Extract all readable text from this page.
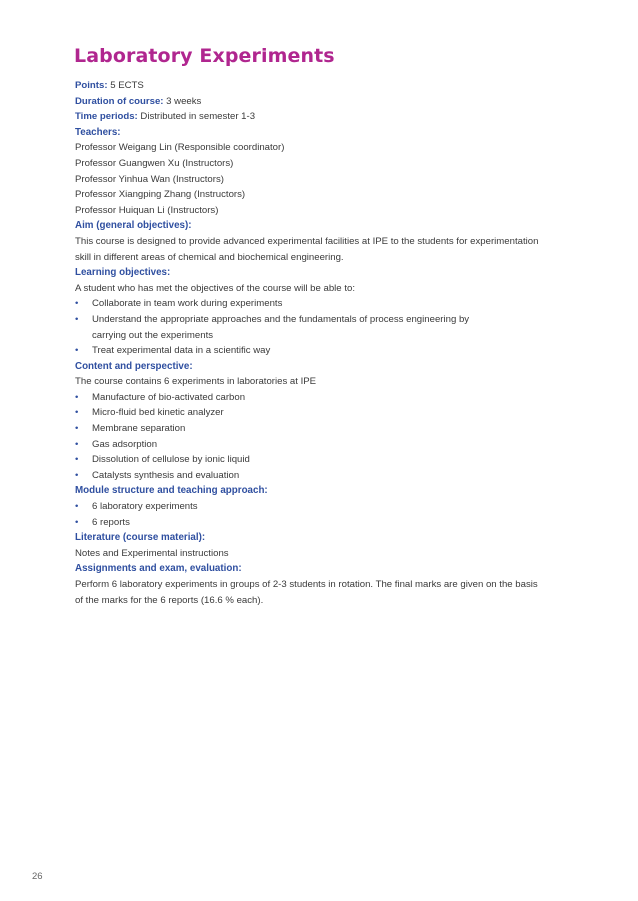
Laboratory Experiments
Points: 5 ECTS
Duration of course: 3 weeks
Time periods: Distributed in semester 1-3
Teachers:
Professor Weigang Lin (Responsible coordinator)
Professor Guangwen Xu (Instructors)
Professor Yinhua Wan (Instructors)
Professor Xiangping Zhang (Instructors)
Professor Huiquan Li (Instructors)
Aim (general objectives):
This course is designed to provide advanced experimental facilities at IPE to the students for experimentation
skill in different areas of chemical and biochemical engineering.
Learning objectives:
A student who has met the objectives of the course will be able to:
• Collaborate in team work during experiments
• Understand the appropriate approaches and the fundamentals of process engineering by
carrying out the experiments
• Treat experimental data in a scientific way
Content and perspective:
The course contains 6 experiments in laboratories at IPE
• Manufacture of bio-activated carbon
• Micro-fluid bed kinetic analyzer
• Membrane separation
• Gas adsorption
• Dissolution of cellulose by ionic liquid
• Catalysts synthesis and evaluation
Module structure and teaching approach:
• 6 laboratory experiments
• 6 reports
Literature (course material):
Notes and Experimental instructions
Assignments and exam, evaluation:
Perform 6 laboratory experiments in groups of 2-3 students in rotation. The final marks are given on the basis
of the marks for the 6 reports (16.6 % each).
26
